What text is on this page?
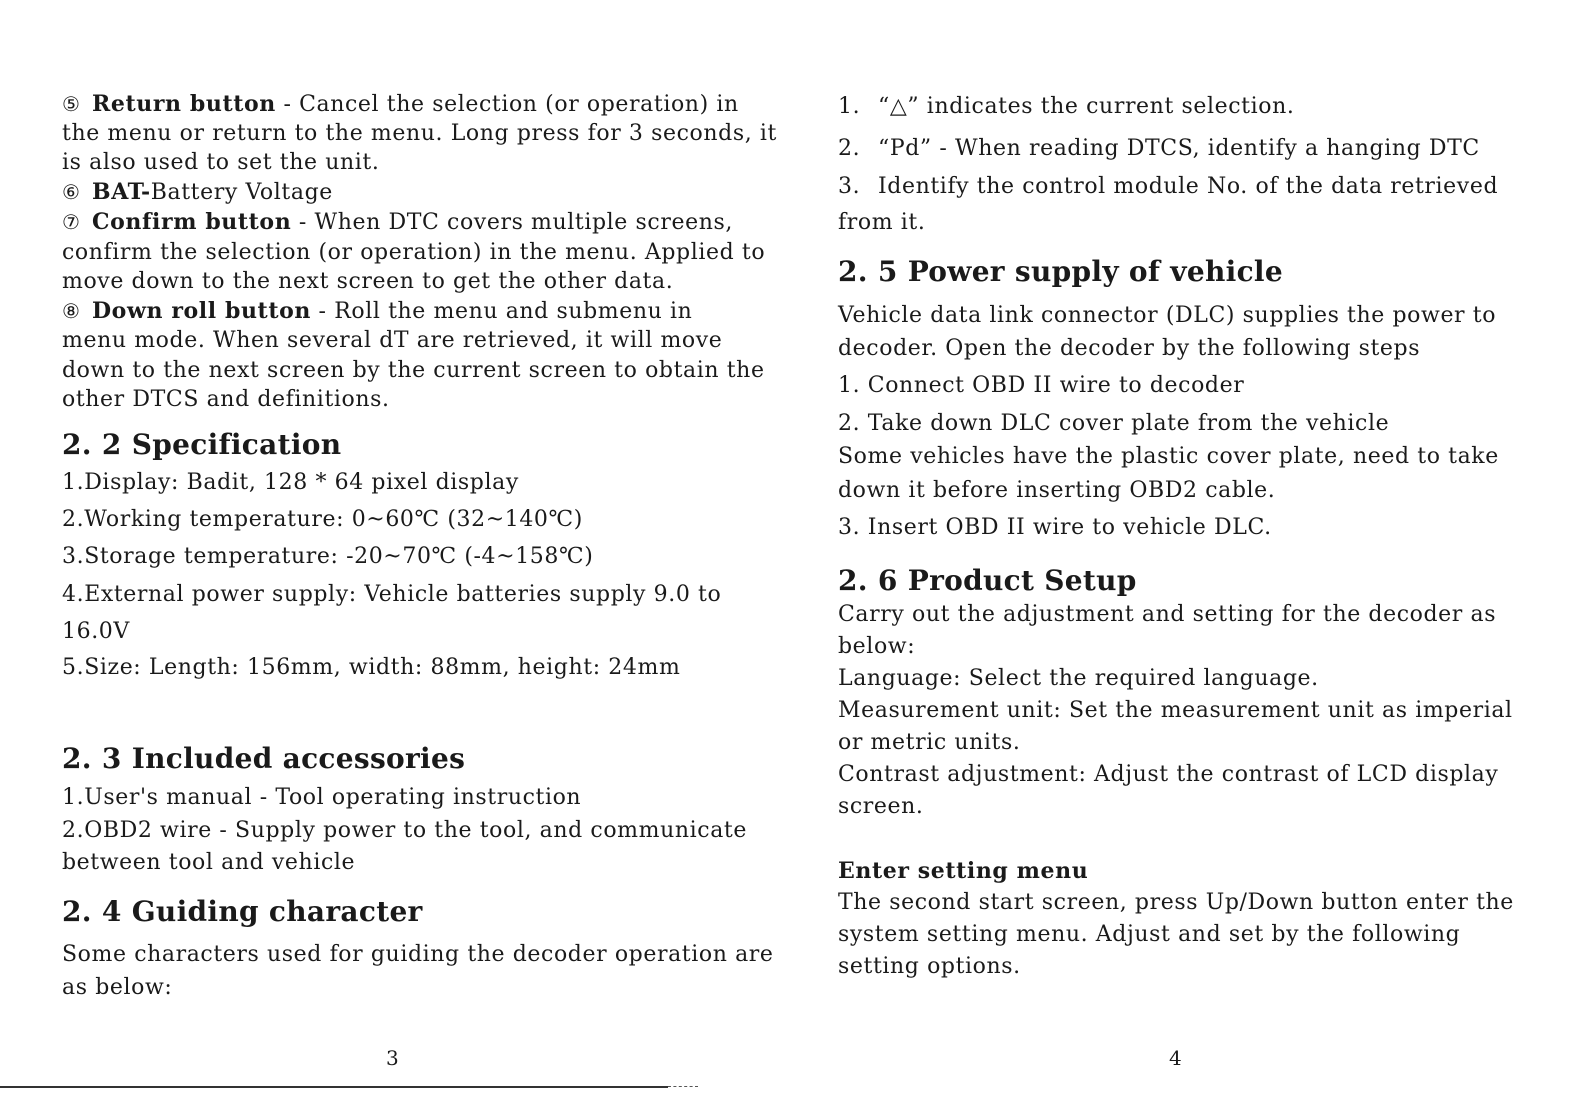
⑤ Return button - Cancel the selection (or operation) in
the menu or return to the menu. Long press for 3 seconds, it
is also used to set the unit.
⑥ BAT-Battery Voltage
⑦ Confirm button - When DTC covers multiple screens,
confirm the selection (or operation) in the menu. Applied to
move down to the next screen to get the other data.
⑧ Down roll button - Roll the menu and submenu in
menu mode. When several dT are retrieved, it will move
down to the next screen by the current screen to obtain the
other DTCS and definitions.
2. 2 Specification
1.Display: Badit, 128 * 64 pixel display
2.Working temperature: 0~60℃ (32~140℃)
3.Storage temperature: -20~70℃ (-4~158℃)
4.External power supply: Vehicle batteries supply 9.0 to
16.0V
5.Size: Length: 156mm, width: 88mm, height: 24mm
2. 3 Included accessories
1.User's manual - Tool operating instruction
2.OBD2 wire - Supply power to the tool, and communicate
between tool and vehicle
2. 4 Guiding character
Some characters used for guiding the decoder operation are
as below:
3
1. “△” indicates the current selection.
2. “Pd” - When reading DTCS, identify a hanging DTC
3. Identify the control module No. of the data retrieved
from it.
2. 5 Power supply of vehicle
Vehicle data link connector (DLC) supplies the power to
decoder. Open the decoder by the following steps
1. Connect OBD II wire to decoder
2. Take down DLC cover plate from the vehicle
Some vehicles have the plastic cover plate, need to take
down it before inserting OBD2 cable.
3. Insert OBD II wire to vehicle DLC.
2. 6 Product Setup
Carry out the adjustment and setting for the decoder as
below:
Language: Select the required language.
Measurement unit: Set the measurement unit as imperial
or metric units.
Contrast adjustment: Adjust the contrast of LCD display
screen.
Enter setting menu
The second start screen, press Up/Down button enter the
system setting menu. Adjust and set by the following
setting options.
4
